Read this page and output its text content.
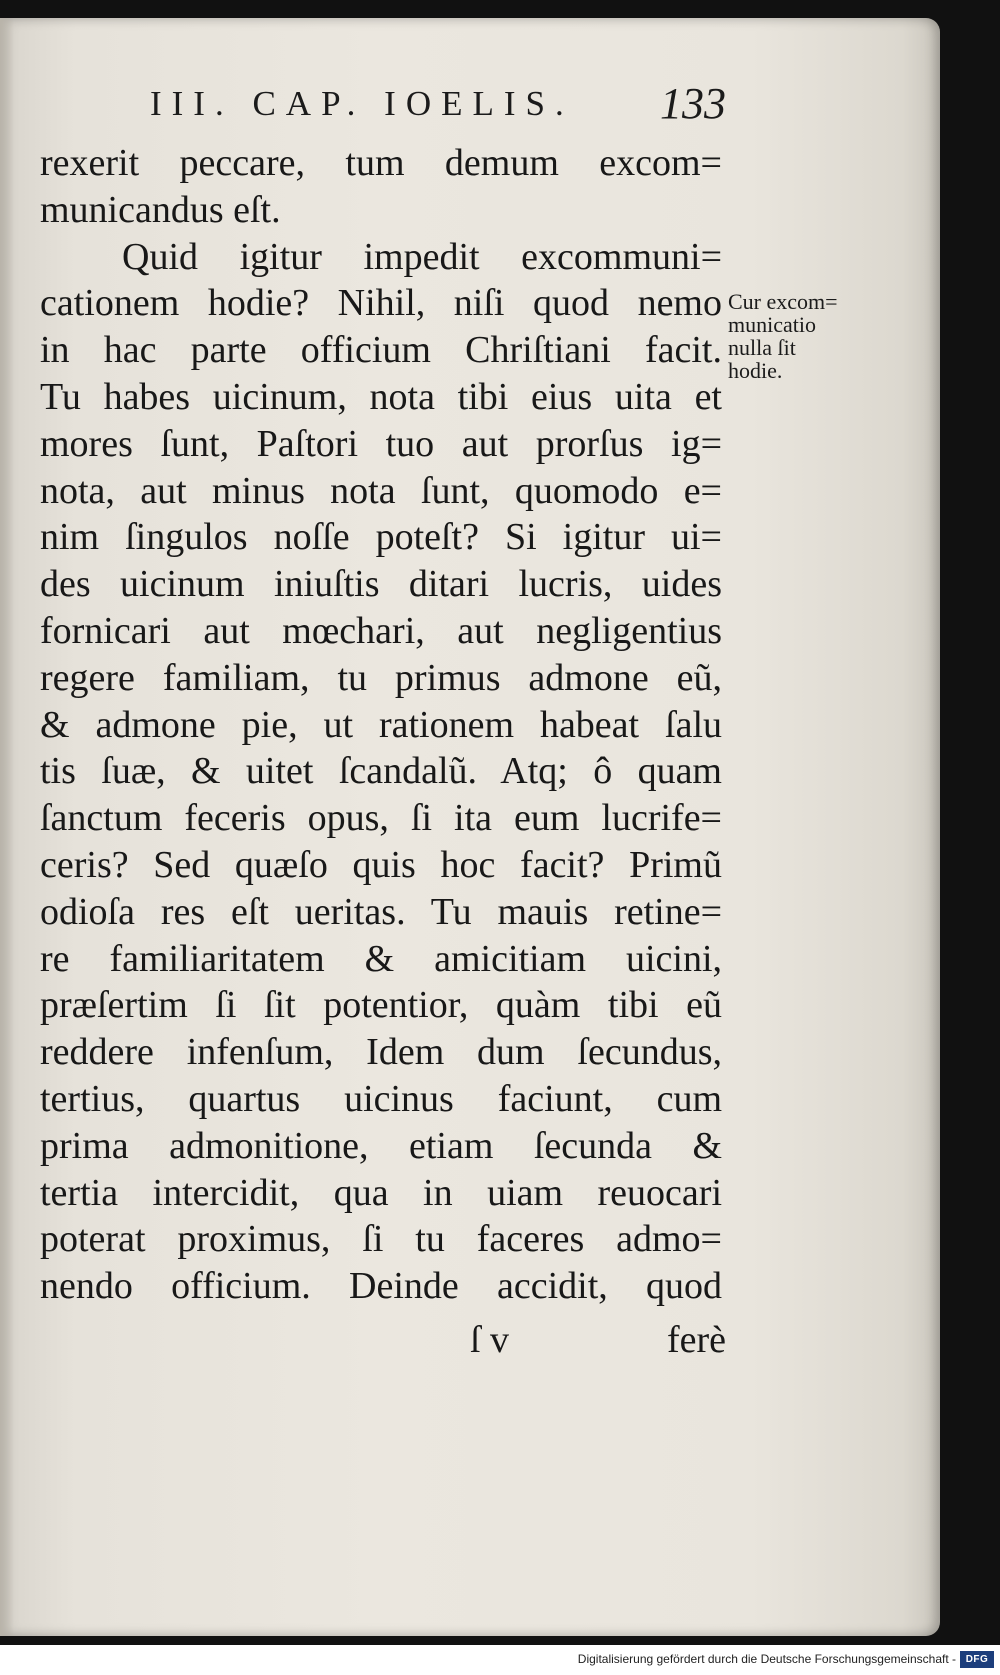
III. CAP. IOELIS. 133
rexerit peccare, tum demum excom=
municandus eſt.
Quid igitur impedit excommuni=
cationem hodie? Nihil, niſi quod nemo
in hac parte officium Chriſtiani facit.
Tu habes uicinum, nota tibi eius uita et
mores ſunt, Paſtori tuo aut prorſus ig=
nota, aut minus nota ſunt, quomodo e=
nim ſingulos noſſe poteſt? Si igitur ui=
des uicinum iniuſtis ditari lucris, uides
fornicari aut mœchari, aut negligentius
regere familiam, tu primus admone eũ,
& admone pie, ut rationem habeat ſalu
tis ſuæ, & uitet ſcandalũ. Atq; ô quam
ſanctum feceris opus, ſi ita eum lucrife=
ceris? Sed quæſo quis hoc facit? Primũ
odioſa res eſt ueritas. Tu mauis retine=
re familiaritatem & amicitiam uicini,
præſertim ſi ſit potentior, quàm tibi eũ
reddere infenſum, Idem dum ſecundus,
tertius, quartus uicinus faciunt, cum
prima admonitione, etiam ſecunda &
tertia intercidit, qua in uiam reuocari
poterat proximus, ſi tu faceres admo=
nendo officium. Deinde accidit, quod
Cur excom=
municatio
nulla ſit
hodie.
ſ v	ferè
Digitalisierung gefördert durch die Deutsche Forschungsgemeinschaft - DFG
